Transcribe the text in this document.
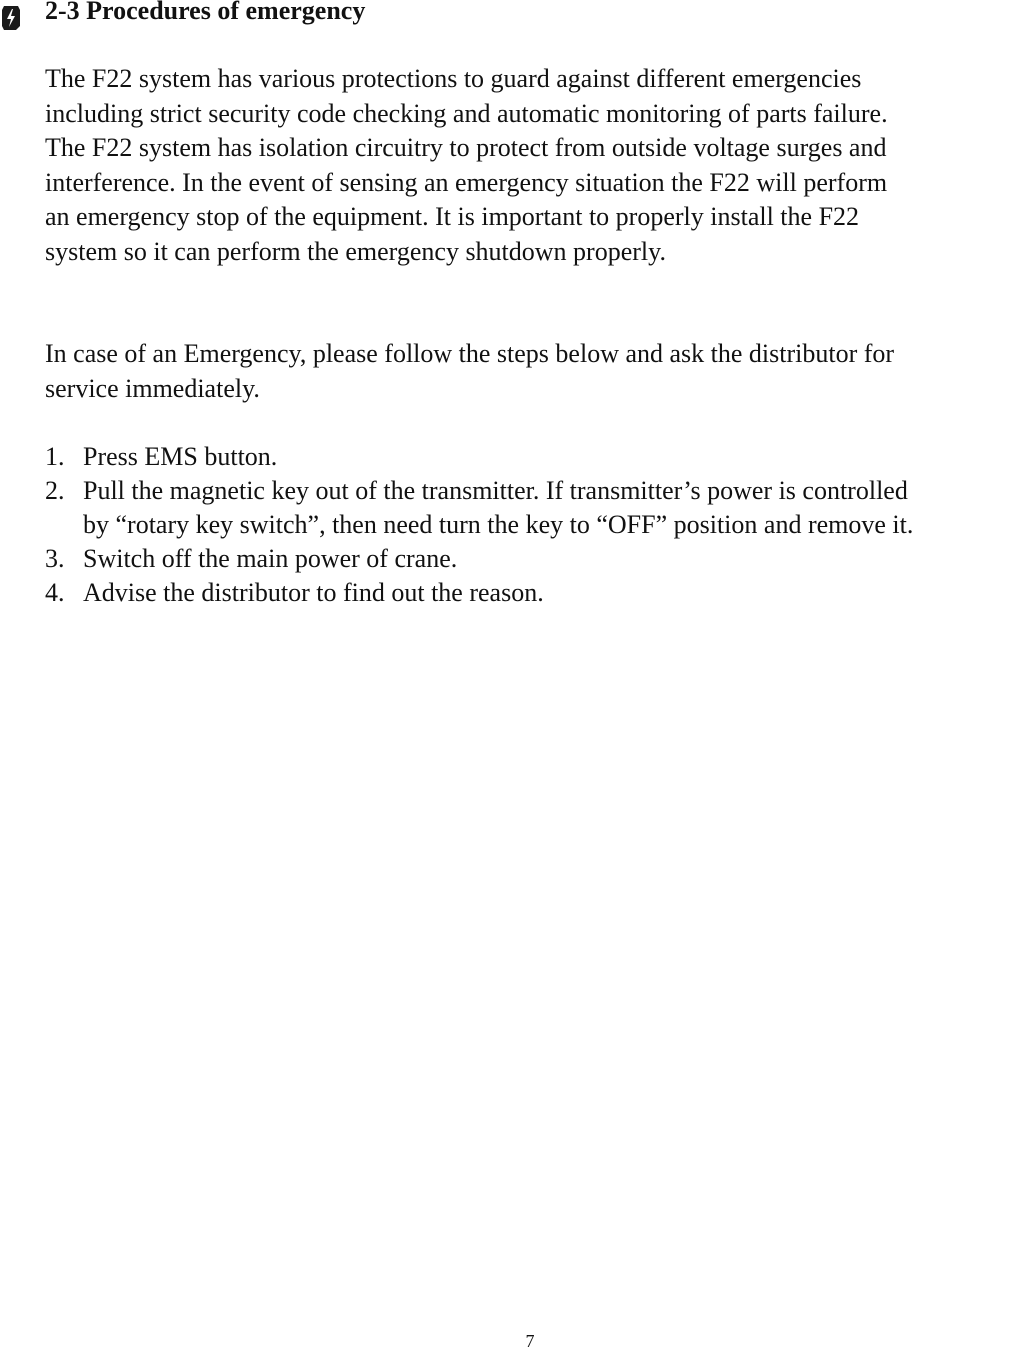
2-3 Procedures of emergency

The F22 system has various protections to guard against different emergencies
including strict security code checking and automatic monitoring of parts failure.
The F22 system has isolation circuitry to protect from outside voltage surges and
interference. In the event of sensing an emergency situation the F22 will perform
an emergency stop of the equipment. It is important to properly install the F22
system so it can perform the emergency shutdown properly.

In case of an Emergency, please follow the steps below and ask the distributor for
service immediately.

1. Press EMS button.
2. Pull the magnetic key out of the transmitter. If transmitter’s power is controlled
by “rotary key switch”, then need turn the key to “OFF” position and remove it.
3. Switch off the main power of crane.
4. Advise the distributor to find out the reason.
7
